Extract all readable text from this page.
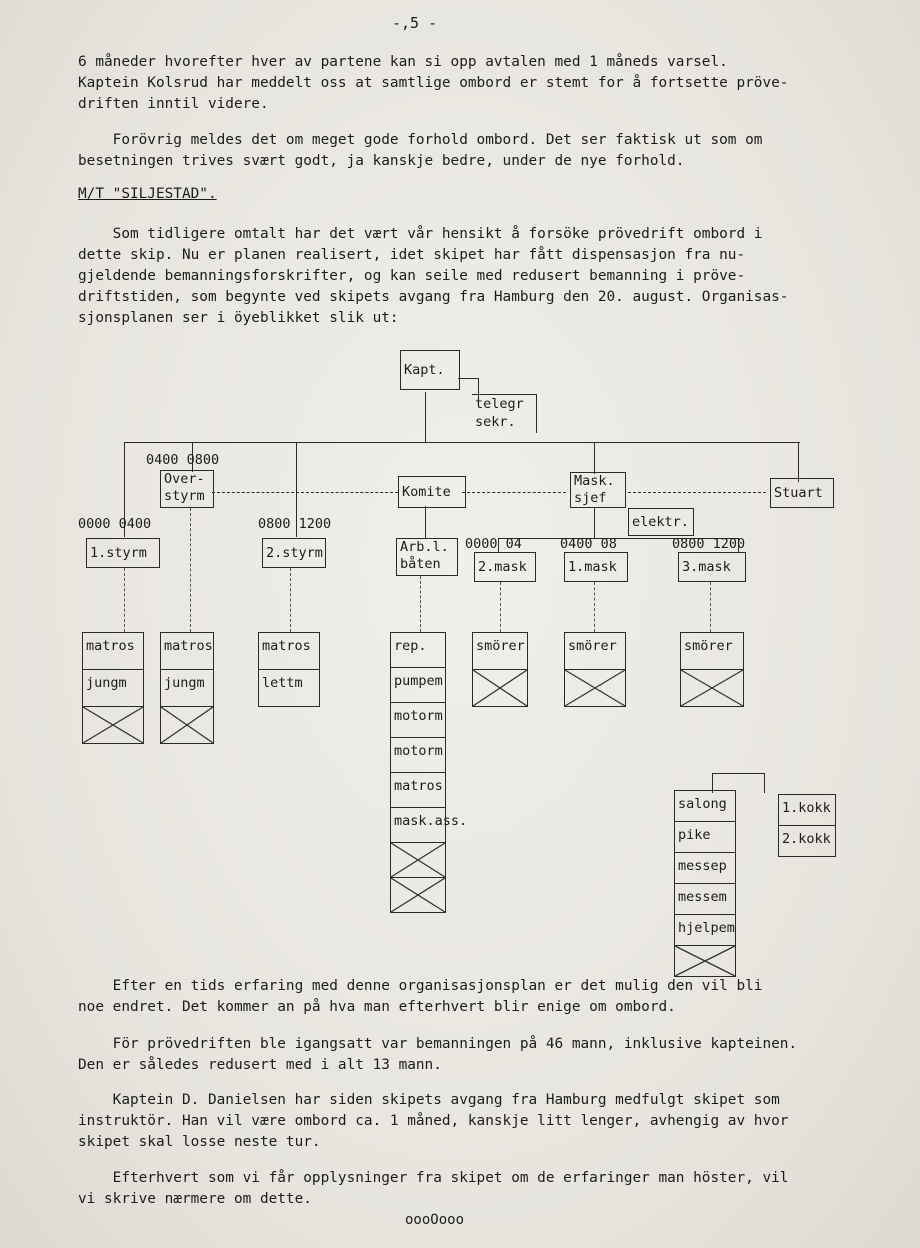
-,5 -
6 måneder hvorefter hver av partene kan si opp avtalen med 1 måneds varsel.
Kaptein Kolsrud har meddelt oss at samtlige ombord er stemt for å fortsette pröve-
driften inntil videre.
Forövrig meldes det om meget gode forhold ombord. Det ser faktisk ut som om
besetningen trives svært godt, ja kanskje bedre, under de nye forhold.
M/T "SILJESTAD".
Som tidligere omtalt har det vært vår hensikt å forsöke prövedrift ombord i
dette skip. Nu er planen realisert, idet skipet har fått dispensasjon fra nu-
gjeldende bemanningsforskrifter, og kan seile med redusert bemanning i pröve-
driftstiden, som begynte ved skipets avgang fra Hamburg den 20. august. Organisas-
sjonsplanen ser i öyeblikket slik ut:
Kapt.
telegr
sekr.
0400 0800
Over-
styrm	Komite
Mask.
sjef	Stuart
elektr.
0000 0400	0800 1200
0000 04	0400 08	0800 1200
1.styrm	2.styrm	Arb.l.
båten	2.mask	1.mask	3.mask
matros
jungm
matros
jungm
matros
lettm
rep.
pumpem
motorm
motorm
matros
mask.ass.
smörer	smörer	smörer
salong
pike
messep
messem
hjelpem
1.kokk
2.kokk
Efter en tids erfaring med denne organisasjonsplan er det mulig den vil bli
noe endret. Det kommer an på hva man efterhvert blir enige om ombord.
För prövedriften ble igangsatt var bemanningen på 46 mann, inklusive kapteinen.
Den er således redusert med i alt 13 mann.
Kaptein D. Danielsen har siden skipets avgang fra Hamburg medfulgt skipet som
instruktör. Han vil være ombord ca. 1 måned, kanskje litt lenger, avhengig av hvor
skipet skal losse neste tur.
Efterhvert som vi får opplysninger fra skipet om de erfaringer man höster, vil
vi skrive nærmere om dette.
oooOooo
